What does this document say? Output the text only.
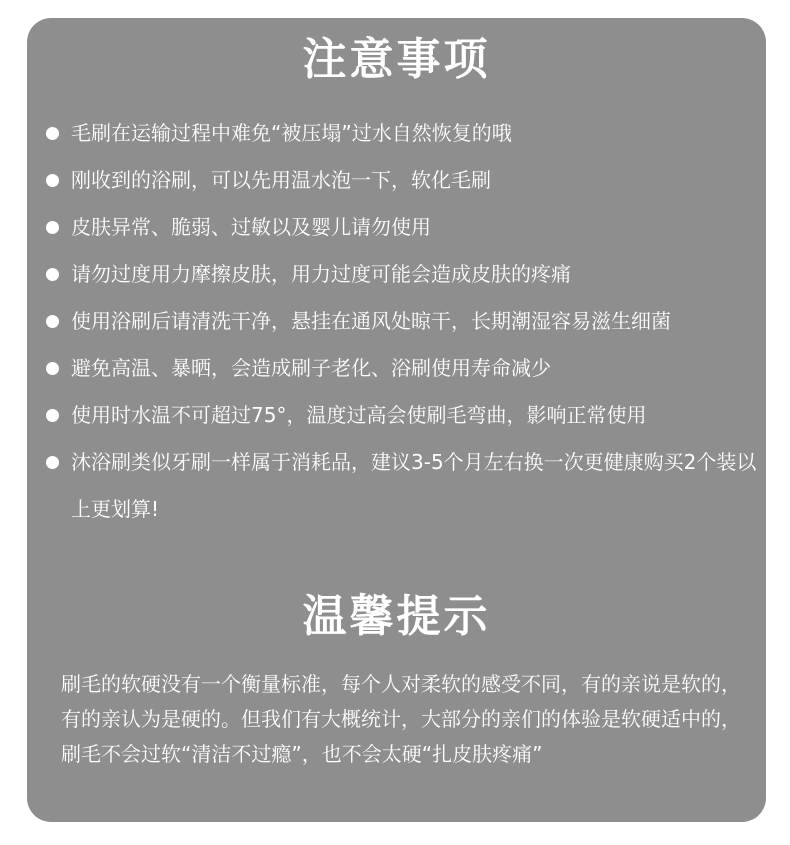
注意事项
毛刷在运输过程中难免“被压塌”过水自然恢复的哦
刚收到的浴刷，可以先用温水泡一下，软化毛刷
皮肤异常、脆弱、过敏以及婴儿请勿使用
请勿过度用力摩擦皮肤，用力过度可能会造成皮肤的疼痛
使用浴刷后请清洗干净，悬挂在通风处晾干，长期潮湿容易滋生细菌
避免高温、暴晒，会造成刷子老化、浴刷使用寿命减少
使用时水温不可超过75°，温度过高会使刷毛弯曲，影响正常使用
沐浴刷类似牙刷一样属于消耗品，建议3-5个月左右换一次更健康购买2个装以上更划算!
温馨提示

刷毛的软硬没有一个衡量标准，每个人对柔软的感受不同，有的亲说是软的，有的亲认为是硬的。但我们有大概统计，大部分的亲们的体验是软硬适中的，刷毛不会过软“清洁不过瘾”，也不会太硬“扎皮肤疼痛”
